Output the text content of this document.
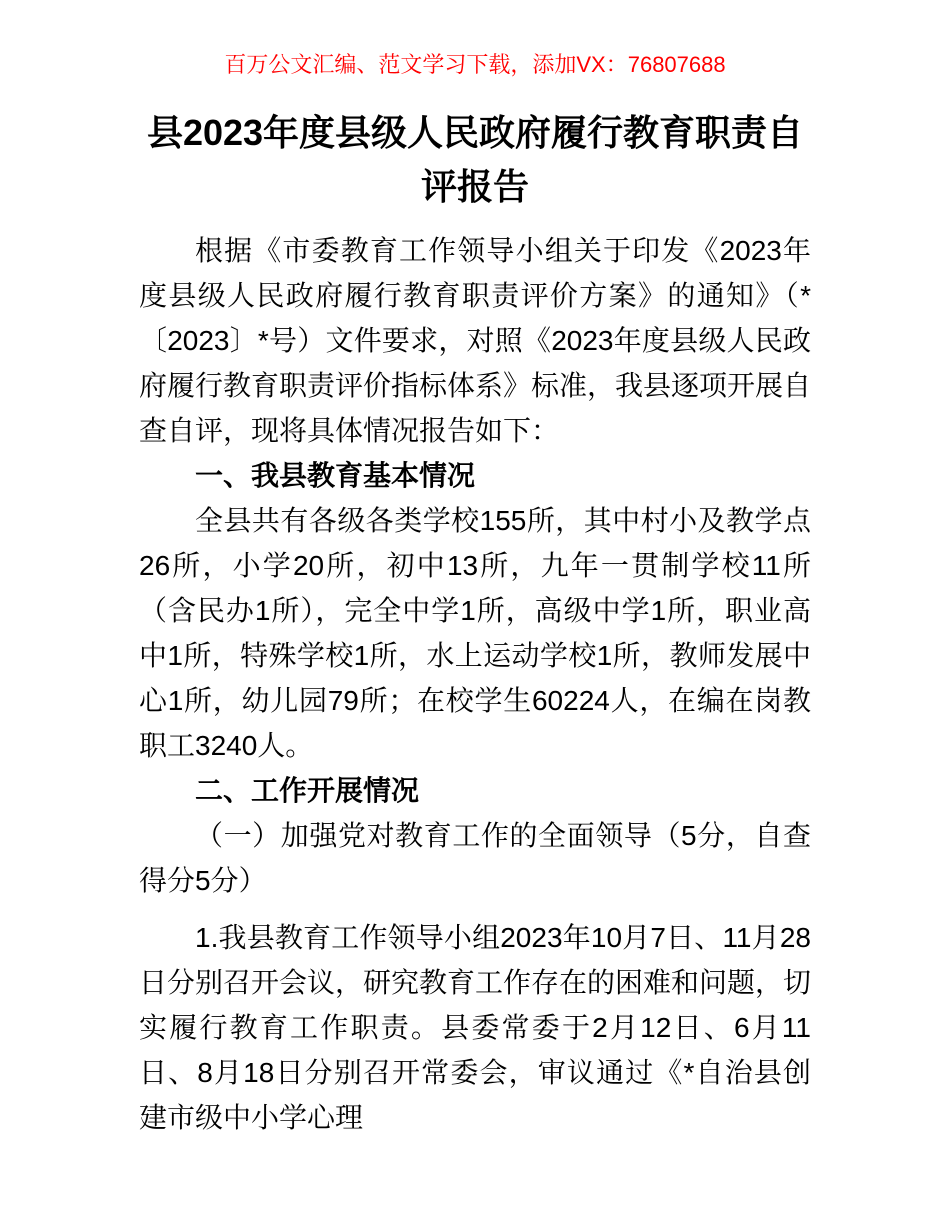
百万公文汇编、范文学习下载，添加VX：76807688
县2023年度县级人民政府履行教育职责自评报告

根据《市委教育工作领导小组关于印发《2023年度县级人民政府履行教育职责评价方案》的通知》（*〔2023〕*号）文件要求，对照《2023年度县级人民政府履行教育职责评价指标体系》标准，我县逐项开展自查自评，现将具体情况报告如下：

一、我县教育基本情况

全县共有各级各类学校155所，其中村小及教学点26所，小学20所，初中13所，九年一贯制学校11所（含民办1所），完全中学1所，高级中学1所，职业高中1所，特殊学校1所，水上运动学校1所，教师发展中心1所，幼儿园79所；在校学生60224人，在编在岗教职工3240人。

二、工作开展情况

（一）加强党对教育工作的全面领导（5分，自查得分5分）

1.我县教育工作领导小组2023年10月7日、11月28日分别召开会议，研究教育工作存在的困难和问题，切实履行教育工作职责。县委常委于2月12日、6月11日、8月18日分别召开常委会，审议通过《*自治县创建市级中小学心理
